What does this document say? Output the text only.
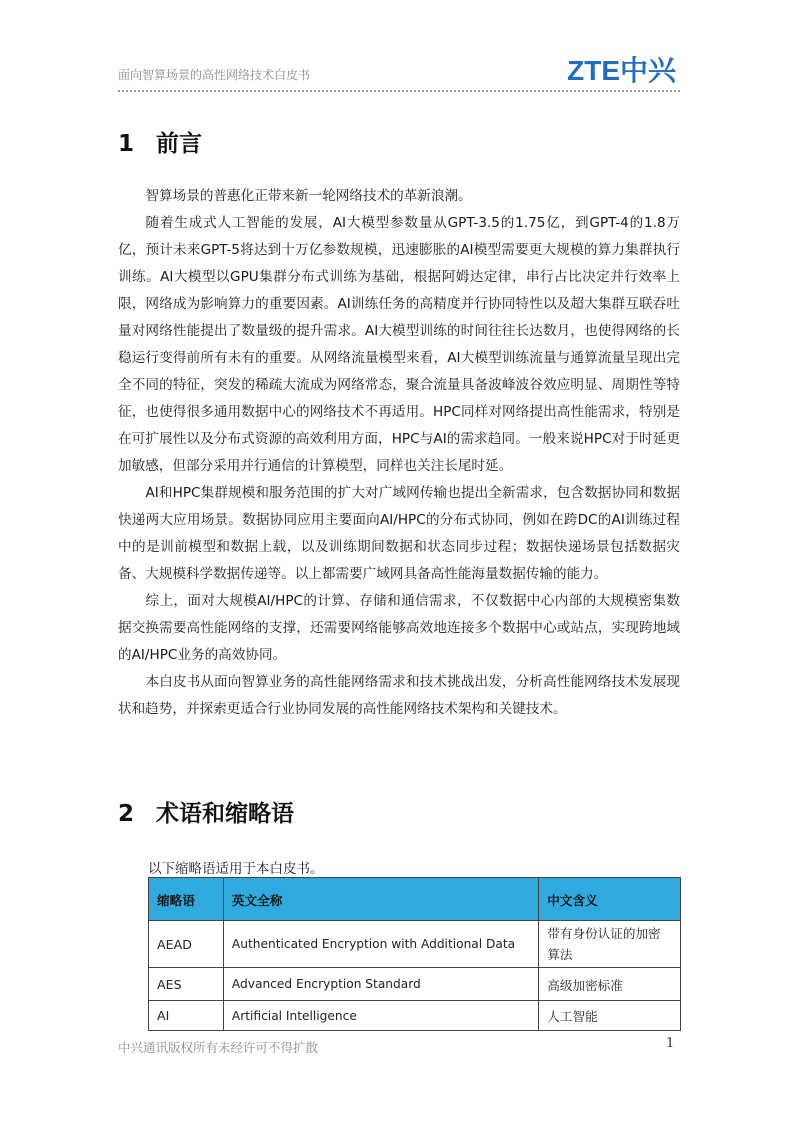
面向智算场景的高性网络技术白皮书	ZTE中兴
1 前言

智算场景的普惠化正带来新一轮网络技术的革新浪潮。

随着生成式人工智能的发展，AI大模型参数量从GPT-3.5的1.75亿，到GPT-4的1.8万亿，预计未来GPT-5将达到十万亿参数规模，迅速膨胀的AI模型需要更大规模的算力集群执行训练。AI大模型以GPU集群分布式训练为基础，根据阿姆达定律，串行占比决定并行效率上限，网络成为影响算力的重要因素。AI训练任务的高精度并行协同特性以及超大集群互联吞吐量对网络性能提出了数量级的提升需求。AI大模型训练的时间往往长达数月，也使得网络的长稳运行变得前所有未有的重要。从网络流量模型来看，AI大模型训练流量与通算流量呈现出完全不同的特征，突发的稀疏大流成为网络常态，聚合流量具备波峰波谷效应明显、周期性等特征，也使得很多通用数据中心的网络技术不再适用。HPC同样对网络提出高性能需求，特别是在可扩展性以及分布式资源的高效利用方面，HPC与AI的需求趋同。一般来说HPC对于时延更加敏感，但部分采用并行通信的计算模型，同样也关注长尾时延。

AI和HPC集群规模和服务范围的扩大对广域网传输也提出全新需求，包含数据协同和数据快递两大应用场景。数据协同应用主要面向AI/HPC的分布式协同，例如在跨DC的AI训练过程中的是训前模型和数据上载，以及训练期间数据和状态同步过程；数据快递场景包括数据灾备、大规模科学数据传递等。以上都需要广域网具备高性能海量数据传输的能力。

综上，面对大规模AI/HPC的计算、存储和通信需求，不仅数据中心内部的大规模密集数据交换需要高性能网络的支撑，还需要网络能够高效地连接多个数据中心或站点，实现跨地域的AI/HPC业务的高效协同。

本白皮书从面向智算业务的高性能网络需求和技术挑战出发，分析高性能网络技术发展现状和趋势，并探索更适合行业协同发展的高性能网络技术架构和关键技术。

2 术语和缩略语
以下缩略语适用于本白皮书。
缩略语	英文全称	中文含义
AEAD	Authenticated Encryption with Additional Data	带有身份认证的加密算法
AES	Advanced Encryption Standard	高级加密标准
AI	Artificial Intelligence	人工智能
中兴通讯版权所有未经许可不得扩散	1
